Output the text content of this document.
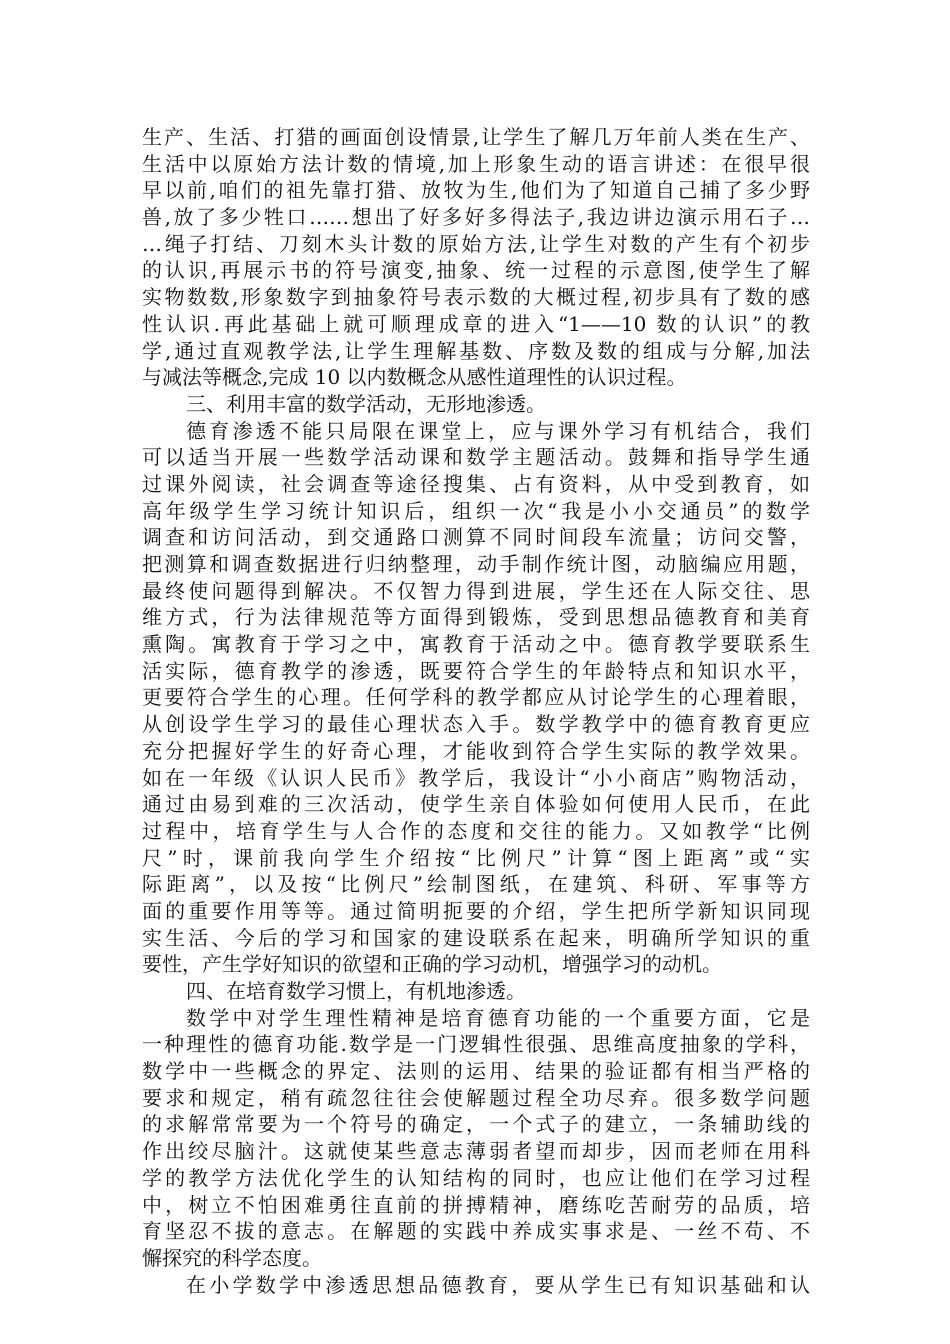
生产、生活、打猎的画面创设情景,让学生了解几万年前人类在生产、
生活中以原始方法计数的情境,加上形象生动的语言讲述：在很早很
早以前,咱们的祖先靠打猎、放牧为生,他们为了知道自己捕了多少野
兽,放了多少牲口……想出了好多好多得法子,我边讲边演示用石子…
…绳子打结、刀刻木头计数的原始方法,让学生对数的产生有个初步
的认识,再展示书的符号演变,抽象、统一过程的示意图,使学生了解
实物数数,形象数字到抽象符号表示数的大概过程,初步具有了数的感
性认识.再此基础上就可顺理成章的进入“1——10 数的认识”的教
学,通过直观教学法,让学生理解基数、序数及数的组成与分解,加法
与减法等概念,完成 10 以内数概念从感性道理性的认识过程。
三、利用丰富的数学活动，无形地渗透。
德育渗透不能只局限在课堂上，应与课外学习有机结合，我们
可以适当开展一些数学活动课和数学主题活动。鼓舞和指导学生通
过课外阅读，社会调查等途径搜集、占有资料，从中受到教育，如
高年级学生学习统计知识后，组织一次“我是小小交通员”的数学
调查和访问活动，到交通路口测算不同时间段车流量；访问交警，
把测算和调查数据进行归纳整理，动手制作统计图，动脑编应用题，
最终使问题得到解决。不仅智力得到进展，学生还在人际交往、思
维方式，行为法律规范等方面得到锻炼，受到思想品德教育和美育
熏陶。寓教育于学习之中，寓教育于活动之中。德育教学要联系生
活实际，德育教学的渗透，既要符合学生的年龄特点和知识水平，
更要符合学生的心理。任何学科的教学都应从讨论学生的心理着眼，
从创设学生学习的最佳心理状态入手。数学教学中的德育教育更应
充分把握好学生的好奇心理，才能收到符合学生实际的教学效果。
如在一年级《认识人民币》教学后，我设计“小小商店”购物活动，
通过由易到难的三次活动，使学生亲自体验如何使用人民币，在此
过程中，培育学生与人合作的态度和交往的能力。又如教学“比例
尺”时，课前我向学生介绍按“比例尺”计算“图上距离”或“实
际距离”，以及按“比例尺”绘制图纸，在建筑、科研、军事等方
面的重要作用等等。通过简明扼要的介绍，学生把所学新知识同现
实生活、今后的学习和国家的建设联系在起来，明确所学知识的重
要性，产生学好知识的欲望和正确的学习动机，增强学习的动机。
四、在培育数学习惯上，有机地渗透。
数学中对学生理性精神是培育德育功能的一个重要方面，它是
一种理性的德育功能.数学是一门逻辑性很强、思维高度抽象的学科，
数学中一些概念的界定、法则的运用、结果的验证都有相当严格的
要求和规定，稍有疏忽往往会使解题过程全功尽弃。很多数学问题
的求解常常要为一个符号的确定，一个式子的建立，一条辅助线的
作出绞尽脑汁。这就使某些意志薄弱者望而却步，因而老师在用科
学的教学方法优化学生的认知结构的同时，也应让他们在学习过程
中，树立不怕困难勇往直前的拼搏精神，磨练吃苦耐劳的品质，培
育坚忍不拔的意志。在解题的实践中养成实事求是、一丝不苟、不
懈探究的科学态度。
在小学数学中渗透思想品德教育，要从学生已有知识基础和认
